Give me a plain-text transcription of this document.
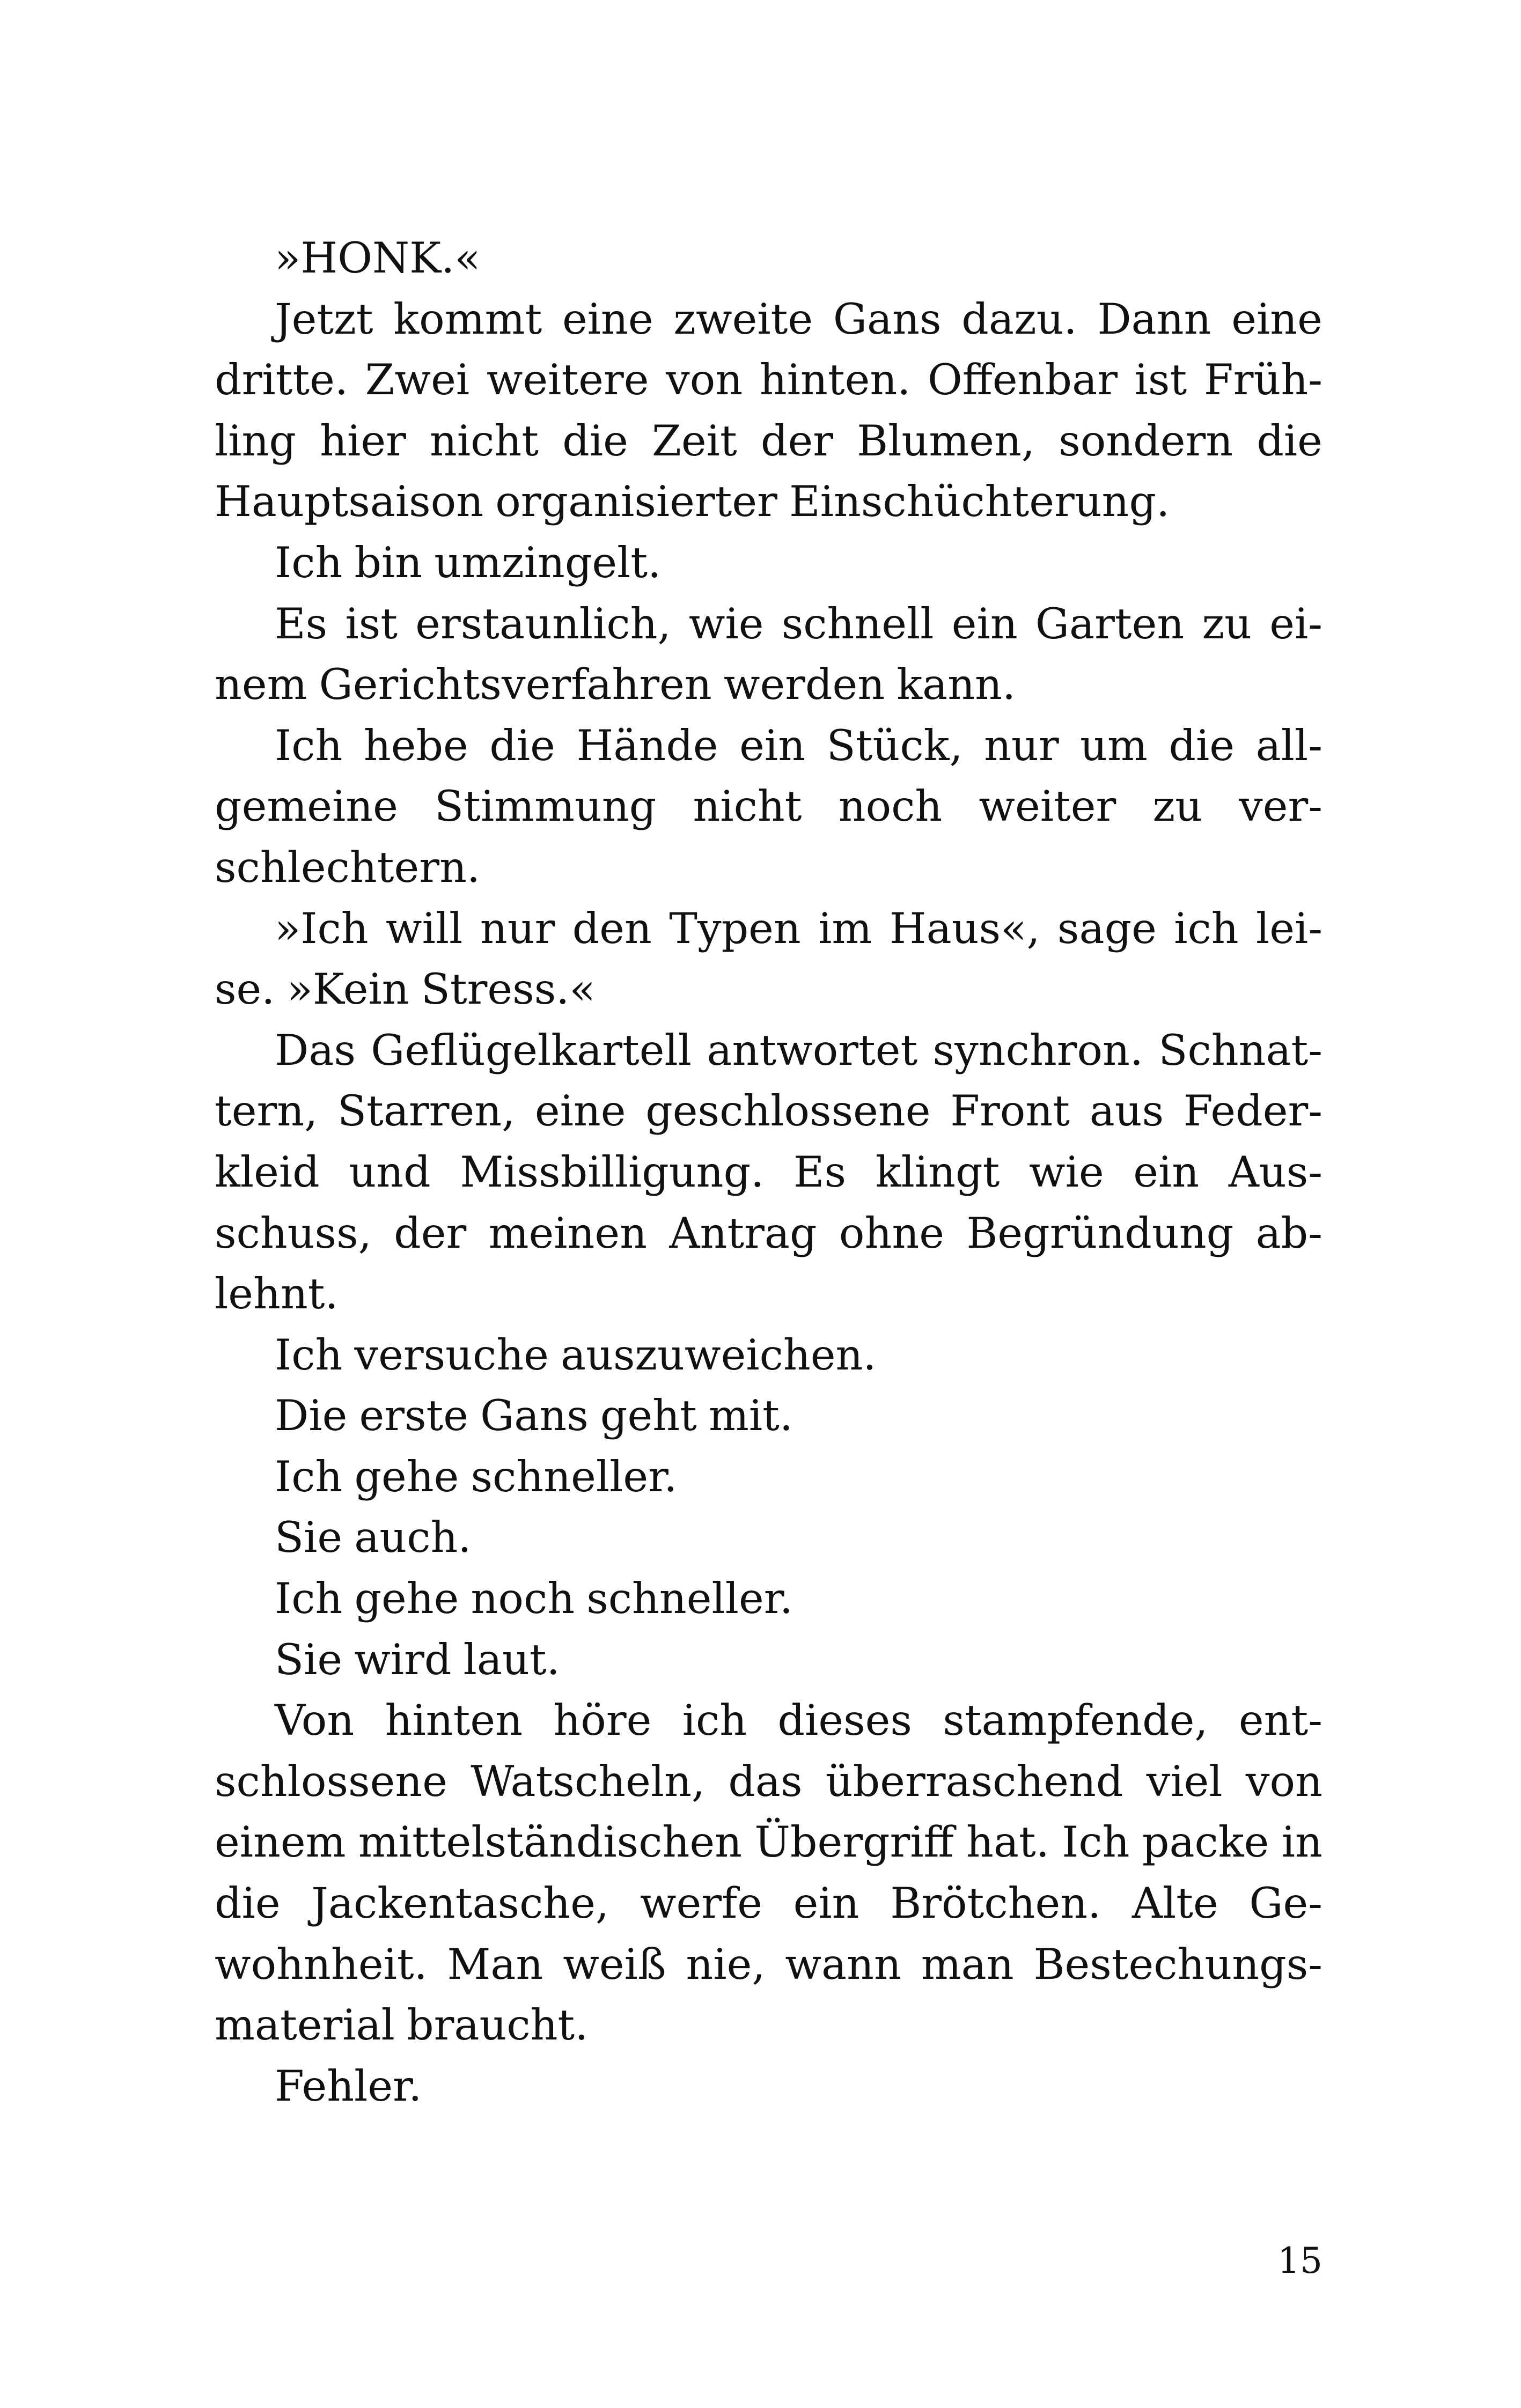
»HONK.«
Jetzt kommt eine zweite Gans dazu. Dann eine
dritte. Zwei weitere von hinten. Offenbar ist Früh-
ling hier nicht die Zeit der Blumen, sondern die
Hauptsaison organisierter Einschüchterung.
Ich bin umzingelt.
Es ist erstaunlich, wie schnell ein Garten zu ei-
nem Gerichtsverfahren werden kann.
Ich hebe die Hände ein Stück, nur um die all-
gemeine Stimmung nicht noch weiter zu ver-
schlechtern.
»Ich will nur den Typen im Haus«, sage ich lei-
se. »Kein Stress.«
Das Geflügelkartell antwortet synchron. Schnat-
tern, Starren, eine geschlossene Front aus Feder-
kleid und Missbilligung. Es klingt wie ein Aus-
schuss, der meinen Antrag ohne Begründung ab-
lehnt.
Ich versuche auszuweichen.
Die erste Gans geht mit.
Ich gehe schneller.
Sie auch.
Ich gehe noch schneller.
Sie wird laut.
Von hinten höre ich dieses stampfende, ent-
schlossene Watscheln, das überraschend viel von
einem mittelständischen Übergriff hat. Ich packe in
die Jackentasche, werfe ein Brötchen. Alte Ge-
wohnheit. Man weiß nie, wann man Bestechungs-
material braucht.
Fehler.
15
